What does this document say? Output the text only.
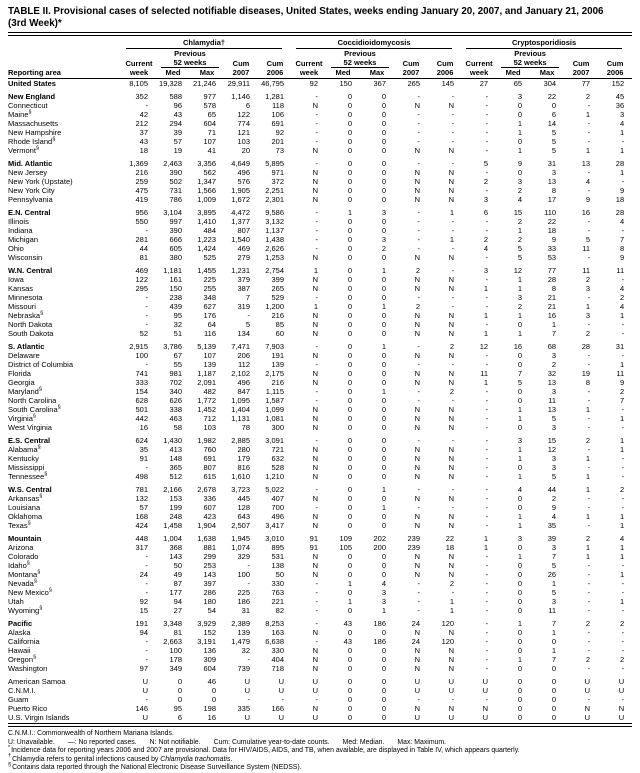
TABLE II. Provisional cases of selected notifiable diseases, United States, weeks ending January 20, 2007, and January 21, 2006
(3rd Week)*

	Chlamydia†					Coccidioidomycosis					Cryptosporidiosis				

		Previous					Previous					Previous			
	Current	52 weeks		Cum	Cum	Current	52 weeks		Cum	Cum	Current	52 weeks		Cum	Cum
Reporting area	week	Med	Max	2007	2006	week	Med	Max	2007	2006	week	Med	Max	2007	2006
United States	8,105	19,328	21,246	29,911	46,795	92	150	367	265	145	27	65	304	77	152

New England	352	588	977	1,146	1,281	-	0	0	-	-	-	3	22	2	45
Connecticut	-	96	578	6	118	N	0	0	N	N	-	0	0	-	36
Maine§	42	43	65	122	106	-	0	0	-	-	-	0	6	1	3
Massachusetts	212	294	604	774	691	-	0	0	-	-	-	1	14	-	4
New Hampshire	37	39	71	121	92	-	0	0	-	-	-	1	5	-	1
Rhode Island§	43	57	107	103	201	-	0	0	-	-	-	0	5	-	-
Vermont§	18	19	41	20	73	N	0	0	N	N	-	1	5	1	1

Mid. Atlantic	1,369	2,463	3,356	4,649	5,895	-	0	0	-	-	5	9	31	13	28
New Jersey	216	390	562	496	971	N	0	0	N	N	-	0	3	-	1
New York (Upstate)	259	502	1,347	576	372	N	0	0	N	N	2	3	13	4	-
New York City	475	731	1,566	1,905	2,251	N	0	0	N	N	-	2	8	-	9
Pennsylvania	419	786	1,009	1,672	2,301	N	0	0	N	N	3	4	17	9	18

E.N. Central	956	3,104	3,895	4,472	9,586	-	1	3	-	1	6	15	110	16	28
Illinois	550	997	1,410	1,377	3,132	-	0	0	-	-	-	2	22	-	4
Indiana	-	390	484	807	1,137	-	0	0	-	-	-	1	18	-	-
Michigan	281	666	1,223	1,540	1,438	-	0	3	-	1	2	2	9	5	7
Ohio	44	605	1,424	469	2,626	-	0	2	-	-	4	5	33	11	8
Wisconsin	81	380	525	279	1,253	N	0	0	N	N	-	5	53	-	9

W.N. Central	469	1,181	1,455	1,231	2,754	1	0	1	2	-	3	12	77	11	11
Iowa	122	161	225	379	399	N	0	0	N	N	-	1	28	2	-
Kansas	295	150	255	387	265	N	0	0	N	N	1	1	8	3	4
Minnesota	-	238	348	7	529	-	0	0	-	-	-	3	21	-	2
Missouri	-	439	627	319	1,200	1	0	1	2	-	-	2	21	1	4
Nebraska§	-	95	176	-	216	N	0	0	N	N	1	1	16	3	1
North Dakota	-	32	64	5	85	N	0	0	N	N	-	0	1	-	-
South Dakota	52	51	116	134	60	N	0	0	N	N	1	1	7	2	-

S. Atlantic	2,915	3,786	5,139	7,471	7,903	-	0	1	-	2	12	16	68	28	31
Delaware	100	67	107	206	191	N	0	0	N	N	-	0	3	-	-
District of Columbia	-	55	139	112	139	-	0	0	-	-	-	0	2	-	1
Florida	741	981	1,187	2,102	2,175	N	0	0	N	N	11	7	32	19	11
Georgia	333	702	2,091	496	216	N	0	0	N	N	1	5	13	8	9
Maryland§	154	340	482	847	1,115	-	0	1	-	2	-	0	3	-	2
North Carolina	628	626	1,772	1,095	1,587	-	0	0	-	-	-	0	11	-	7
South Carolina§	501	338	1,452	1,404	1,099	N	0	0	N	N	-	1	13	1	-
Virginia§	442	463	712	1,131	1,081	N	0	0	N	N	-	1	5	-	1
West Virginia	16	58	103	78	300	N	0	0	N	N	-	0	3	-	-

E.S. Central	624	1,430	1,982	2,885	3,091	-	0	0	-	-	-	3	15	2	1
Alabama§	35	413	760	280	721	N	0	0	N	N	-	1	12	-	1
Kentucky	91	148	691	179	632	N	0	0	N	N	-	1	3	1	-
Mississippi	-	365	807	816	528	N	0	0	N	N	-	0	3	-	-
Tennessee§	498	512	615	1,610	1,210	N	0	0	N	N	-	1	5	1	-

W.S. Central	781	2,166	2,678	3,723	5,022	-	0	1	-	-	-	4	44	1	2
Arkansas§	132	153	336	445	407	N	0	0	N	N	-	0	2	-	-
Louisiana	57	199	607	128	700	-	0	1	-	-	-	0	9	-	-
Oklahoma	168	248	423	643	496	N	0	0	N	N	-	1	4	1	1
Texas§	424	1,458	1,904	2,507	3,417	N	0	0	N	N	-	1	35	-	1

Mountain	448	1,004	1,638	1,945	3,010	91	109	202	239	22	1	3	39	2	4
Arizona	317	368	881	1,074	895	91	105	200	239	18	1	0	3	1	1
Colorado	-	143	299	329	531	N	0	0	N	N	-	1	7	1	1
Idaho§	-	50	253	-	138	N	0	0	N	N	-	0	5	-	-
Montana§	24	49	143	100	50	N	0	0	N	N	-	0	26	-	1
Nevada§	-	87	397	-	330	-	1	4	-	2	-	0	1	-	-
New Mexico§	-	177	286	225	763	-	0	3	-	-	-	0	5	-	-
Utah	92	94	180	186	221	-	1	3	-	1	-	0	3	-	1
Wyoming§	15	27	54	31	82	-	0	1	-	1	-	0	11	-	-

Pacific	191	3,348	3,929	2,389	8,253	-	43	186	24	120	-	1	7	2	2
Alaska	94	81	152	139	163	N	0	0	N	N	-	0	1	-	-
California	-	2,663	3,191	1,479	6,638	-	43	186	24	120	-	0	0	-	-
Hawaii	-	100	136	32	330	N	0	0	N	N	-	0	1	-	-
Oregon§	-	178	309	-	404	N	0	0	N	N	-	1	7	2	2
Washington	97	349	604	739	718	N	0	0	N	N	-	0	0	-	-

American Samoa	U	0	46	U	U	U	0	0	U	U	U	0	0	U	U
C.N.M.I.	U	0	0	U	U	U	0	0	U	U	U	0	0	U	U
Guam	-	0	0	-	-	-	0	0	-	-	-	0	0	-	-
Puerto Rico	146	95	198	335	166	N	0	0	N	N	N	0	0	N	N
U.S. Virgin Islands	U	6	16	U	U	U	0	0	U	U	U	0	0	U	U
C.N.M.I.: Commonwealth of Northern Mariana Islands.
U: Unavailable. —: No reported cases. N: Not notifiable. Cum: Cumulative year-to-date counts. Med: Median. Max: Maximum.
*Incidence data for reporting years 2006 and 2007 are provisional. Data for HIV/AIDS, AIDS, and TB, when available, are displayed in Table IV, which appears quarterly.
†Chlamydia refers to genital infections caused by Chlamydia trachomatis.
§Contains data reported through the National Electronic Disease Surveillance System (NEDSS).
